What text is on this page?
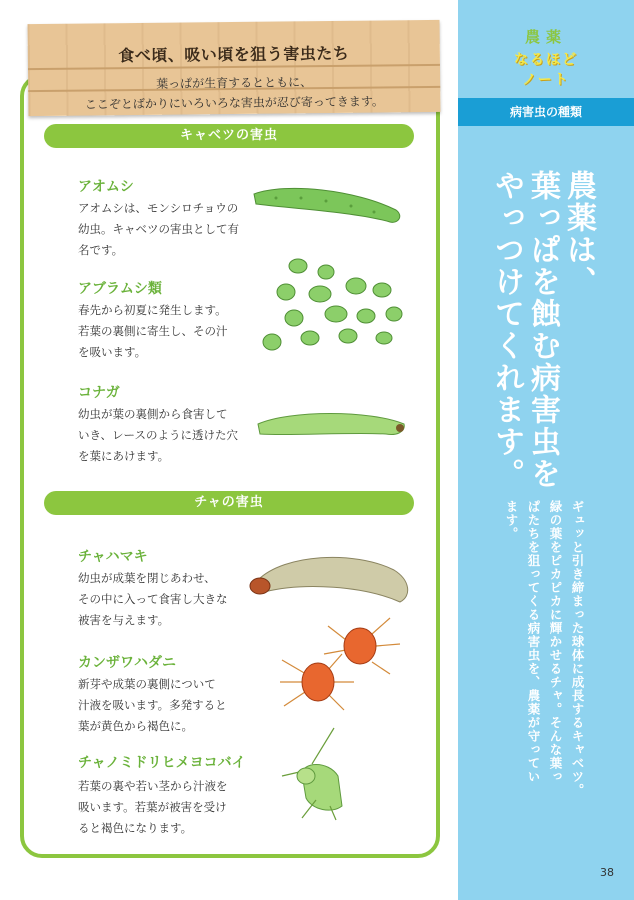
食べ頃、吸い頃を狙う害虫たち
葉っぱが生育するとともに、
ここぞとばかりにいろいろな害虫が忍び寄ってきます。
キャベツの害虫
アオムシ
アオムシは、モンシロチョウの
幼虫。キャベツの害虫として有
名です。
アブラムシ類
春先から初夏に発生します。
若葉の裏側に寄生し、その汁
を吸います。
コナガ
幼虫が葉の裏側から食害して
いき、レースのように透けた穴
を葉にあけます。
チャの害虫
チャハマキ
幼虫が成葉を閉じあわせ、
その中に入って食害し大きな
被害を与えます。
カンザワハダニ
新芽や成葉の裏側について
汁液を吸います。多発すると
葉が黄色から褐色に。
チャノミドリヒメヨコバイ
若葉の裏や若い茎から汁液を
吸います。若葉が被害を受け
ると褐色になります。
農薬
なるほど
ノート
病害虫の種類
農薬は、
葉っぱを蝕む病害虫を
やっつけてくれます。
ギュッと引き締まった球体に成長するキャベツ。
緑の葉をピカピカに輝かせるチャ。そんな葉っ
ぱたちを狙ってくる病害虫を、農薬が守ってい
ます。
38
